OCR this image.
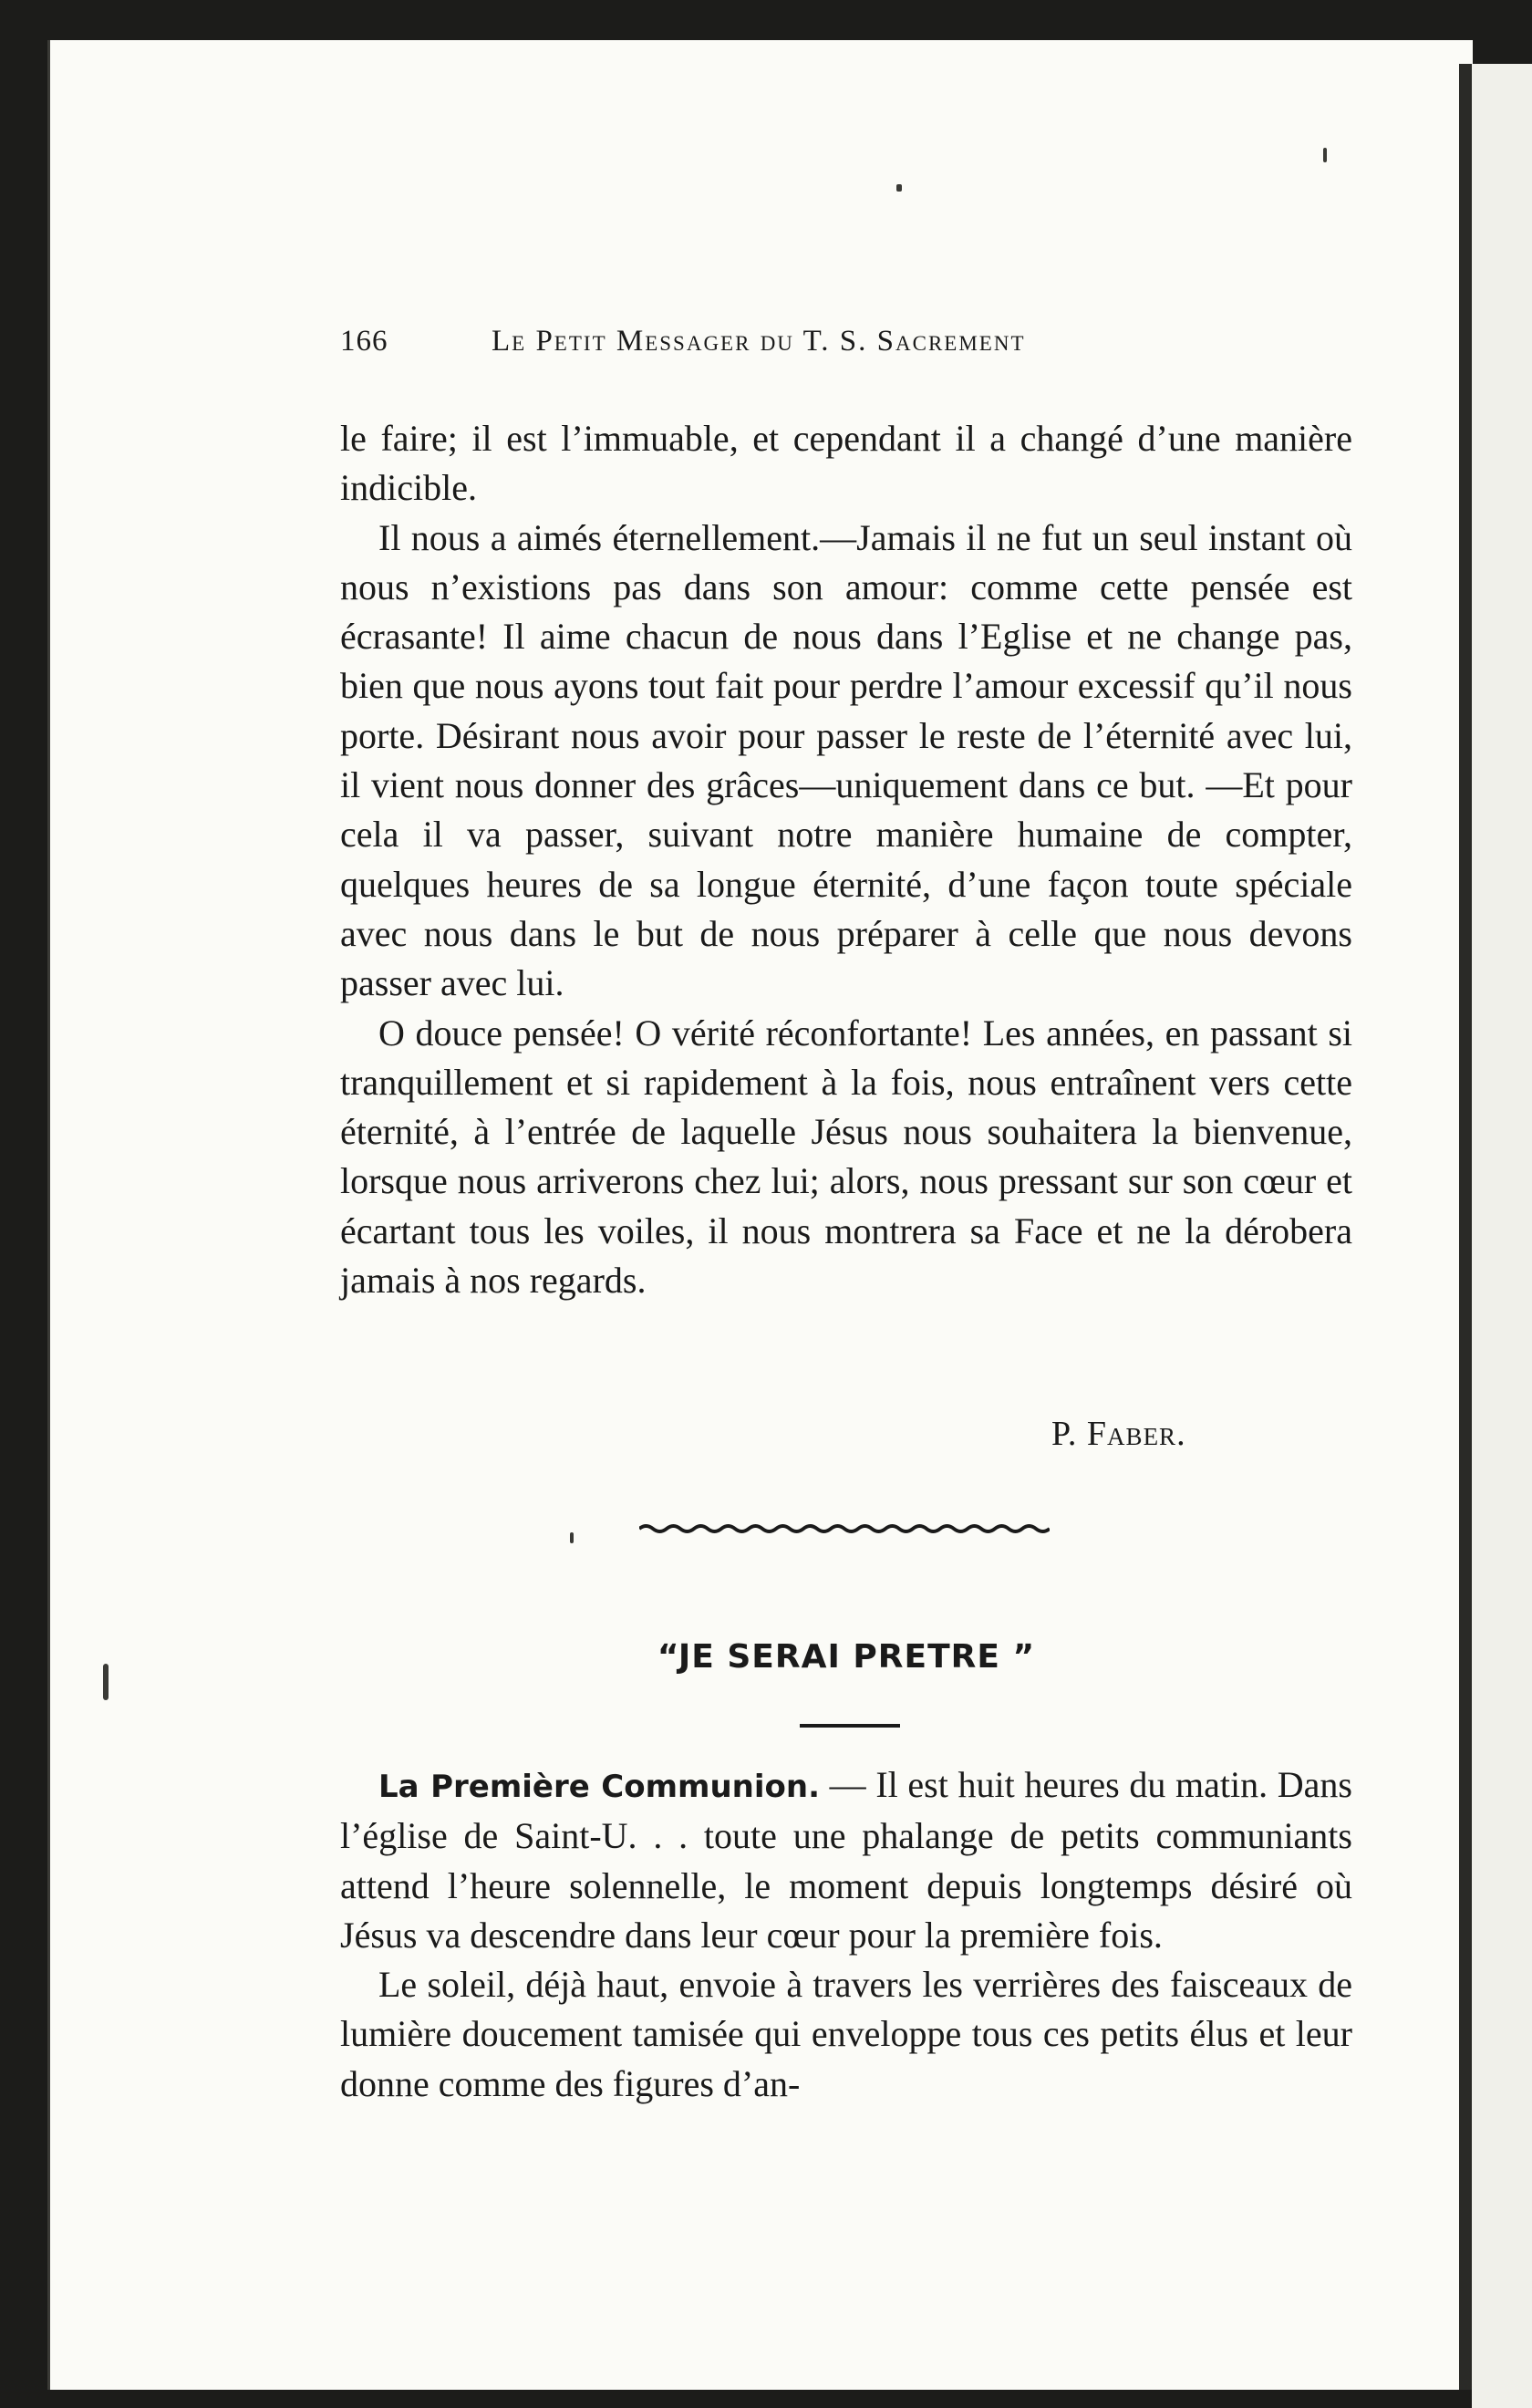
166	Le Petit Messager du T. S. Sacrement

le faire; il est l’immuable, et cependant il a changé d’une manière indicible.

Il nous a aimés éternellement.—Jamais il ne fut un seul instant où nous n’existions pas dans son amour: comme cette pensée est écrasante! Il aime chacun de nous dans l’Eglise et ne change pas, bien que nous ayons tout fait pour perdre l’amour excessif qu’il nous porte. Désirant nous avoir pour passer le reste de l’éternité avec lui, il vient nous donner des grâces—uniquement dans ce but. —Et pour cela il va passer, suivant notre manière humaine de compter, quelques heures de sa longue éternité, d’une façon toute spéciale avec nous dans le but de nous préparer à celle que nous devons passer avec lui.

O douce pensée! O vérité réconfortante! Les années, en passant si tranquillement et si rapidement à la fois, nous entraînent vers cette éternité, à l’entrée de laquelle Jésus nous souhaitera la bienvenue, lorsque nous arriverons chez lui; alors, nous pressant sur son cœur et écartant tous les voiles, il nous montrera sa Face et ne la dérobera jamais à nos regards.

P. Faber.
“JE SERAI PRETRE ”

La Première Communion. — Il est huit heures du matin. Dans l’église de Saint-U. . . toute une phalange de petits communiants attend l’heure solennelle, le moment depuis longtemps désiré où Jésus va descendre dans leur cœur pour la première fois.

Le soleil, déjà haut, envoie à travers les verrières des faisceaux de lumière doucement tamisée qui enveloppe tous ces petits élus et leur donne comme des figures d’an-
